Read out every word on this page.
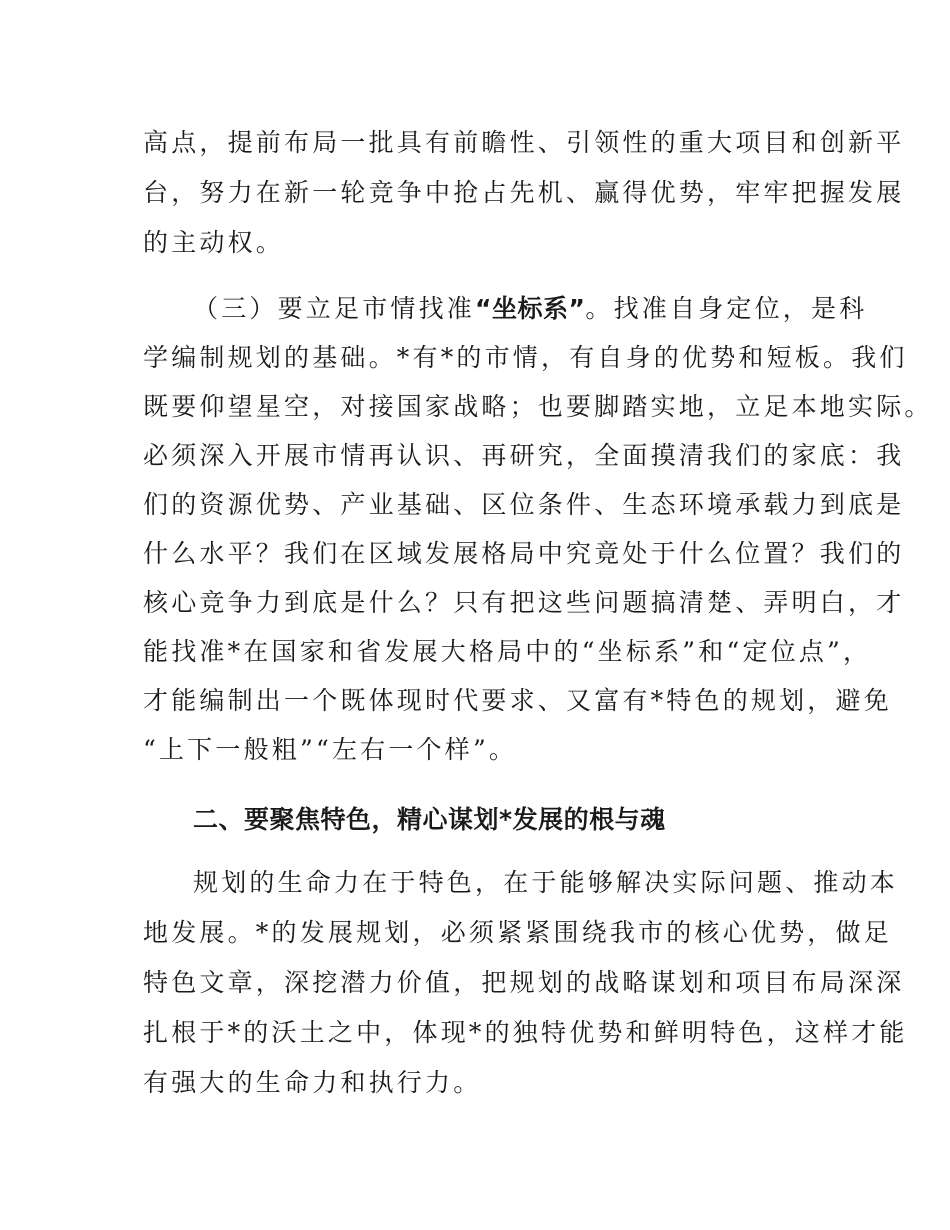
高点，提前布局一批具有前瞻性、引领性的重大项目和创新平
台，努力在新一轮竞争中抢占先机、赢得优势，牢牢把握发展
的主动权。
（三）要立足市情找准“坐标系”。找准自身定位，是科
学编制规划的基础。*有*的市情，有自身的优势和短板。我们
既要仰望星空，对接国家战略；也要脚踏实地，立足本地实际。
必须深入开展市情再认识、再研究，全面摸清我们的家底：我
们的资源优势、产业基础、区位条件、生态环境承载力到底是
什么水平？我们在区域发展格局中究竟处于什么位置？我们的
核心竞争力到底是什么？只有把这些问题搞清楚、弄明白，才
能找准*在国家和省发展大格局中的“坐标系”和“定位点”，
才能编制出一个既体现时代要求、又富有*特色的规划，避免
“上下一般粗”“左右一个样”。
二、要聚焦特色，精心谋划*发展的根与魂
规划的生命力在于特色，在于能够解决实际问题、推动本
地发展。*的发展规划，必须紧紧围绕我市的核心优势，做足
特色文章，深挖潜力价值，把规划的战略谋划和项目布局深深
扎根于*的沃土之中，体现*的独特优势和鲜明特色，这样才能
有强大的生命力和执行力。
